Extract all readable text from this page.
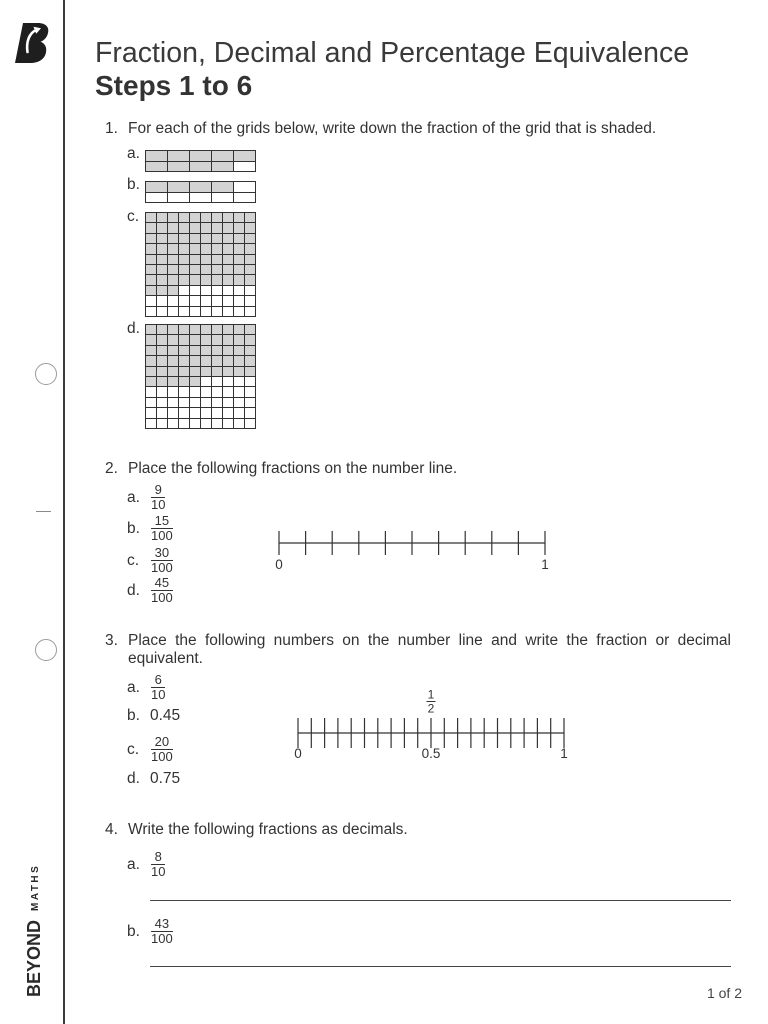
BEYONDMATHS
Fraction, Decimal and Percentage Equivalence
Steps 1 to 6
1. For each of the grids below, write down the fraction of the grid that is shaded.
a.
b.
c.
d.
2. Place the following fractions on the number line.
a. $\frac{9}{10}$
b. $\frac{15}{100}$
c. $\frac{30}{100}$
d. $\frac{45}{100}$
0	1
3. Place the following numbers on the number line and write the fraction or decimal equivalent.
a. $\frac{6}{10}$
b. 0.45
c. $\frac{20}{100}$
d. 0.75
0	0.5	1
1
2
4. Write the following fractions as decimals.
a. $\frac{8}{10}$
b. $\frac{43}{100}$
1 of 2
